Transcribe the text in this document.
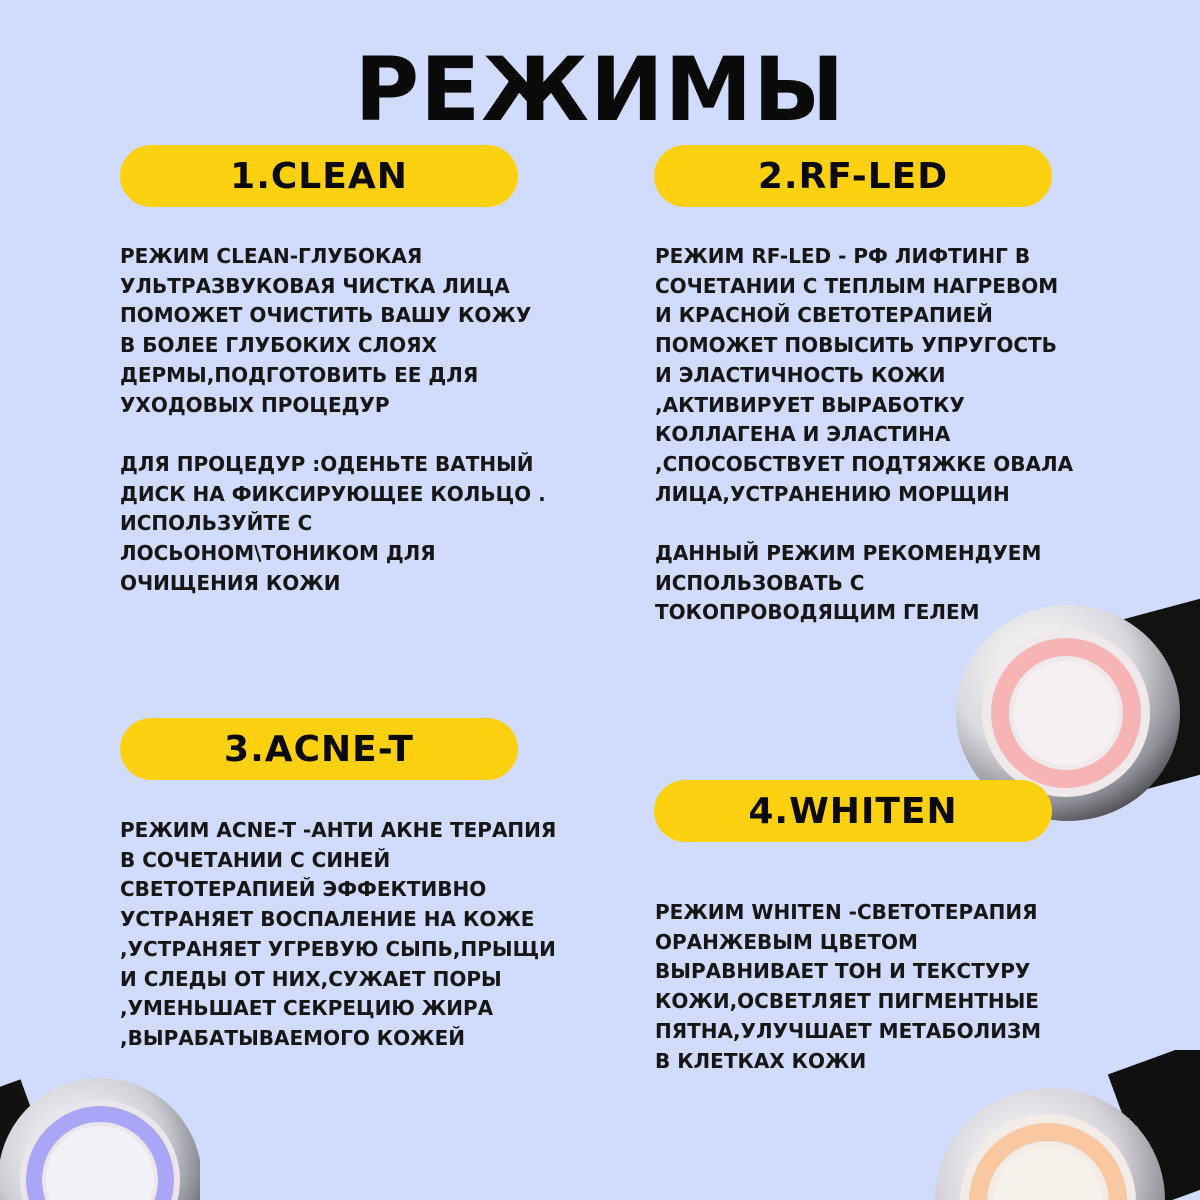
РЕЖИМЫ
1.CLEAN	2.RF-LED
3.ACNE-T
4.WHITEN
РЕЖИМ CLEAN-ГЛУБОКАЯ
УЛЬТРАЗВУКОВАЯ ЧИСТКА ЛИЦА
ПОМОЖЕТ ОЧИСТИТЬ ВАШУ КОЖУ
В БОЛЕЕ ГЛУБОКИХ СЛОЯХ
ДЕРМЫ,ПОДГОТОВИТЬ ЕЕ ДЛЯ
УХОДОВЫХ ПРОЦЕДУР
ДЛЯ ПРОЦЕДУР :ОДЕНЬТЕ ВАТНЫЙ
ДИСК НА ФИКСИРУЮЩЕЕ КОЛЬЦО .
ИСПОЛЬЗУЙТЕ С
ЛОСЬОНОМ\ТОНИКОМ ДЛЯ
ОЧИЩЕНИЯ КОЖИ
РЕЖИМ RF-LED - РФ ЛИФТИНГ В
СОЧЕТАНИИ С ТЕПЛЫМ НАГРЕВОМ
И КРАСНОЙ СВЕТОТЕРАПИЕЙ
ПОМОЖЕТ ПОВЫСИТЬ УПРУГОСТЬ
И ЭЛАСТИЧНОСТЬ КОЖИ
,АКТИВИРУЕТ ВЫРАБОТКУ
КОЛЛАГЕНА И ЭЛАСТИНА
,СПОСОБСТВУЕТ ПОДТЯЖКЕ ОВАЛА
ЛИЦА,УСТРАНЕНИЮ МОРЩИН
ДАННЫЙ РЕЖИМ РЕКОМЕНДУЕМ
ИСПОЛЬЗОВАТЬ С
ТОКОПРОВОДЯЩИМ ГЕЛЕМ
РЕЖИМ ACNE-T -АНТИ АКНЕ ТЕРАПИЯ
В СОЧЕТАНИИ С СИНЕЙ
СВЕТОТЕРАПИЕЙ ЭФФЕКТИВНО
УСТРАНЯЕТ ВОСПАЛЕНИЕ НА КОЖЕ
,УСТРАНЯЕТ УГРЕВУЮ СЫПЬ,ПРЫЩИ
И СЛЕДЫ ОТ НИХ,СУЖАЕТ ПОРЫ
,УМЕНЬШАЕТ СЕКРЕЦИЮ ЖИРА
,ВЫРАБАТЫВАЕМОГО КОЖЕЙ
РЕЖИМ WHITEN -СВЕТОТЕРАПИЯ
ОРАНЖЕВЫМ ЦВЕТОМ
ВЫРАВНИВАЕТ ТОН И ТЕКСТУРУ
КОЖИ,ОСВЕТЛЯЕТ ПИГМЕНТНЫЕ
ПЯТНА,УЛУЧШАЕТ МЕТАБОЛИЗМ
В КЛЕТКАХ КОЖИ
